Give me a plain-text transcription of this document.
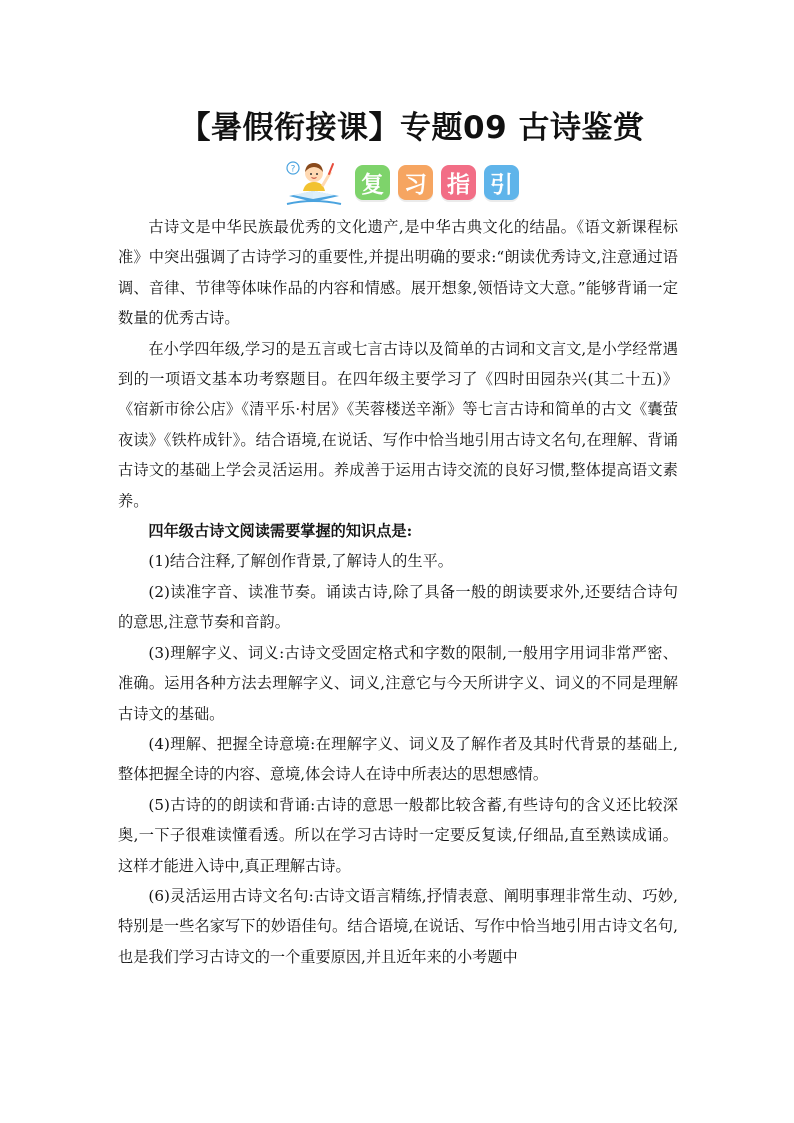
【暑假衔接课】专题09 古诗鉴赏
?
复 习 指 引

古诗文是中华民族最优秀的文化遗产,是中华古典文化的结晶。《语文新课程标准》中突出强调了古诗学习的重要性,并提出明确的要求:“朗读优秀诗文,注意通过语调、音律、节律等体味作品的内容和情感。展开想象,领悟诗文大意。”能够背诵一定数量的优秀古诗。

在小学四年级,学习的是五言或七言古诗以及简单的古词和文言文,是小学经常遇到的一项语文基本功考察题目。在四年级主要学习了《四时田园杂兴(其二十五)》《宿新市徐公店》《清平乐·村居》《芙蓉楼送辛渐》等七言古诗和简单的古文《囊萤夜读》《铁杵成针》。结合语境,在说话、写作中恰当地引用古诗文名句,在理解、背诵古诗文的基础上学会灵活运用。养成善于运用古诗交流的良好习惯,整体提高语文素养。

四年级古诗文阅读需要掌握的知识点是:

(1)结合注释,了解创作背景,了解诗人的生平。

(2)读准字音、读准节奏。诵读古诗,除了具备一般的朗读要求外,还要结合诗句的意思,注意节奏和音韵。

(3)理解字义、词义:古诗文受固定格式和字数的限制,一般用字用词非常严密、准确。运用各种方法去理解字义、词义,注意它与今天所讲字义、词义的不同是理解古诗文的基础。

(4)理解、把握全诗意境:在理解字义、词义及了解作者及其时代背景的基础上,整体把握全诗的内容、意境,体会诗人在诗中所表达的思想感情。

(5)古诗的的朗读和背诵:古诗的意思一般都比较含蓄,有些诗句的含义还比较深奥,一下子很难读懂看透。所以在学习古诗时一定要反复读,仔细品,直至熟读成诵。这样才能进入诗中,真正理解古诗。

(6)灵活运用古诗文名句:古诗文语言精练,抒情表意、阐明事理非常生动、巧妙,特别是一些名家写下的妙语佳句。结合语境,在说话、写作中恰当地引用古诗文名句,也是我们学习古诗文的一个重要原因,并且近年来的小考题中
